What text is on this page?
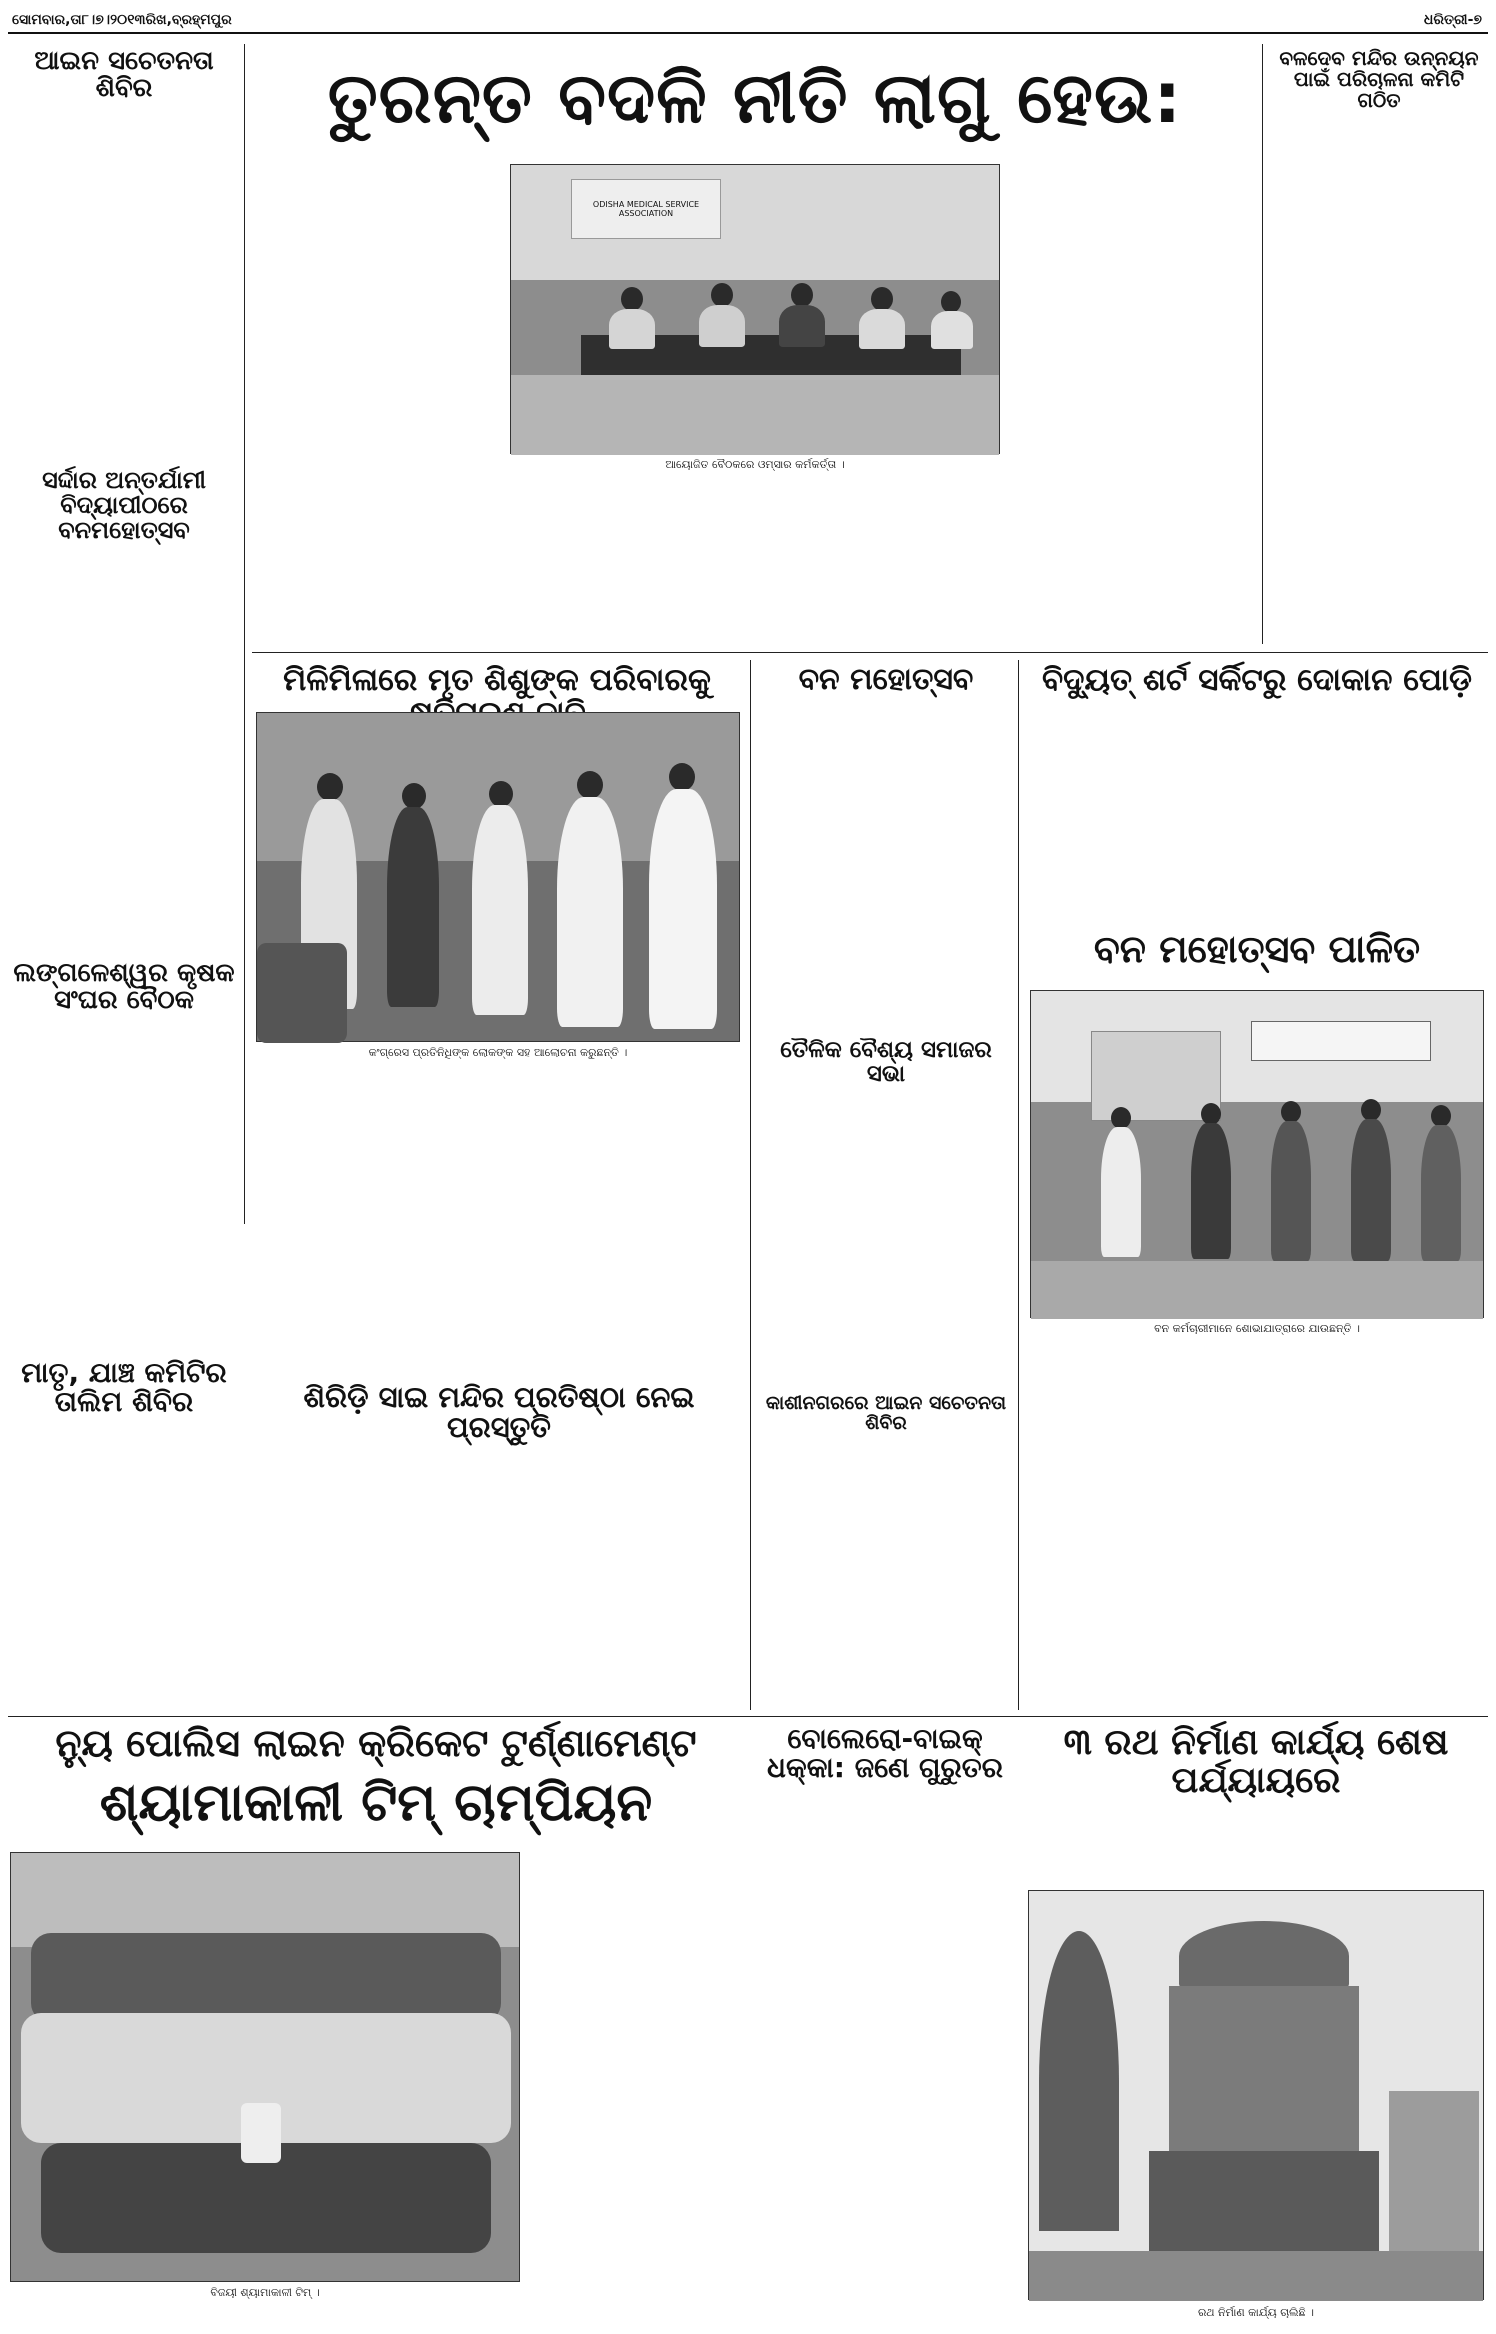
ସୋମବାର,ତା୮।୭।୨୦୧୩ରିଖ,ବ୍ରହ୍ମପୁର	ଧରିତ୍ରୀ-୭
ଆଇନ ସଚେତନତା ଶିବିର
ସର୍ଦ୍ଦାର ଅନ୍ତର୍ଯାମୀ ବିଦ୍ୟାପୀଠରେ ବନମହୋତ୍ସବ
ଲଙ୍ଗଳେଶ୍ୱର କୃଷକ ସଂଘର ବୈଠକ
ମାତୃ, ଯାଞ୍ଚ କମିଟିର ତାଲିମ ଶିବିର
ତୁରନ୍ତ ବଦଳି ନୀତି ଲାଗୁ ହେଉ:
ODISHA MEDICAL SERVICE ASSOCIATION
ଆୟୋଜିତ ବୈଠକରେ ଓମ୍‌ସାର କର୍ମକର୍ତ୍ତା ।
ବଳଦେବ ମନ୍ଦିର ଉନ୍ନୟନ ପାଇଁ ପରିଚାଳନା କମିଟି ଗଠିତ
ମିଳିମିଳାରେ ମୃତ ଶିଶୁଙ୍କ ପରିବାରକୁ
କଂଗ୍ରେସ ପ୍ରତିନିଧିଙ୍କ ଲୋକଙ୍କ ସହ ଆଲୋଚନା କରୁଛନ୍ତି ।
ବନ ମହୋତ୍ସବ
ତୈଳିକ ବୈଶ୍ୟ ସମାଜର ସଭା
ବିଦ୍ୟୁତ୍ ଶର୍ଟ ସର୍କିଟରୁ ଦୋକାନ ପୋଡ଼ି
ବନ ମହୋତ୍ସବ ପାଳିତ
ବନ କର୍ମଚାରୀମାନେ ଶୋଭାଯାତ୍ରାରେ ଯାଉଛନ୍ତି ।
ଶିରିଡ଼ି ସାଇ ମନ୍ଦିର ପ୍ରତିଷ୍ଠା ନେଇ ପ୍ରସ୍ତୁତି
କାଶୀନଗରରେ ଆଇନ ସଚେତନତା ଶିବିର
ନ୍ୟୁ ପୋଲିସ ଲାଇନ କ୍ରିକେଟ ଟୁର୍ଣ୍ଣାମେଣ୍ଟ
ଶ୍ୟାମାକାଳୀ ଟିମ୍ ଚାମ୍ପିୟନ
ବିଜୟୀ ଶ୍ୟାମାକାଳୀ ଟିମ୍ ।
ବୋଲେରୋ-ବାଇକ୍ ଧକ୍କା: ଜଣେ ଗୁରୁତର
୩ ରଥ ନିର୍ମାଣ କାର୍ଯ୍ୟ ଶେଷ ପର୍ଯ୍ୟାୟରେ
ରଥ ନିର୍ମାଣ କାର୍ଯ୍ୟ ଚାଲିଛି ।
